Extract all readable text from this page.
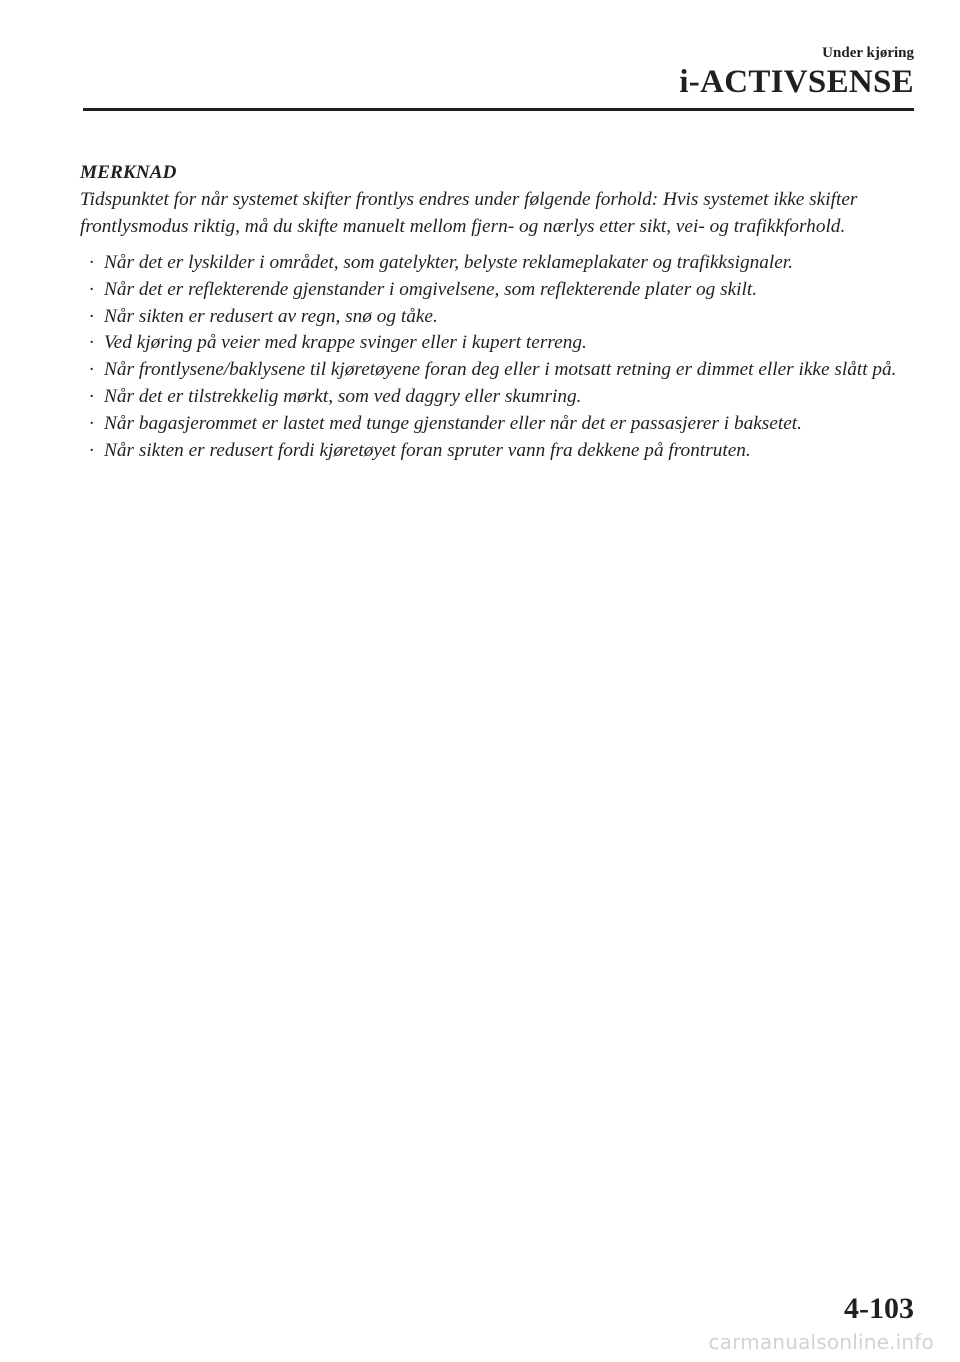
Under kjøring
i-ACTIVSENSE

MERKNAD

Tidspunktet for når systemet skifter frontlys endres under følgende forhold: Hvis systemet ikke skifter frontlysmodus riktig, må du skifte manuelt mellom fjern- og nærlys etter sikt, vei- og trafikkforhold.

· Når det er lyskilder i området, som gatelykter, belyste reklameplakater og trafikksignaler.
· Når det er reflekterende gjenstander i omgivelsene, som reflekterende plater og skilt.
· Når sikten er redusert av regn, snø og tåke.
· Ved kjøring på veier med krappe svinger eller i kupert terreng.
· Når frontlysene/baklysene til kjøretøyene foran deg eller i motsatt retning er dimmet eller ikke slått på.
· Når det er tilstrekkelig mørkt, som ved daggry eller skumring.
· Når bagasjerommet er lastet med tunge gjenstander eller når det er passasjerer i baksetet.
· Når sikten er redusert fordi kjøretøyet foran spruter vann fra dekkene på frontruten.
4-103
carmanualsonline.info
